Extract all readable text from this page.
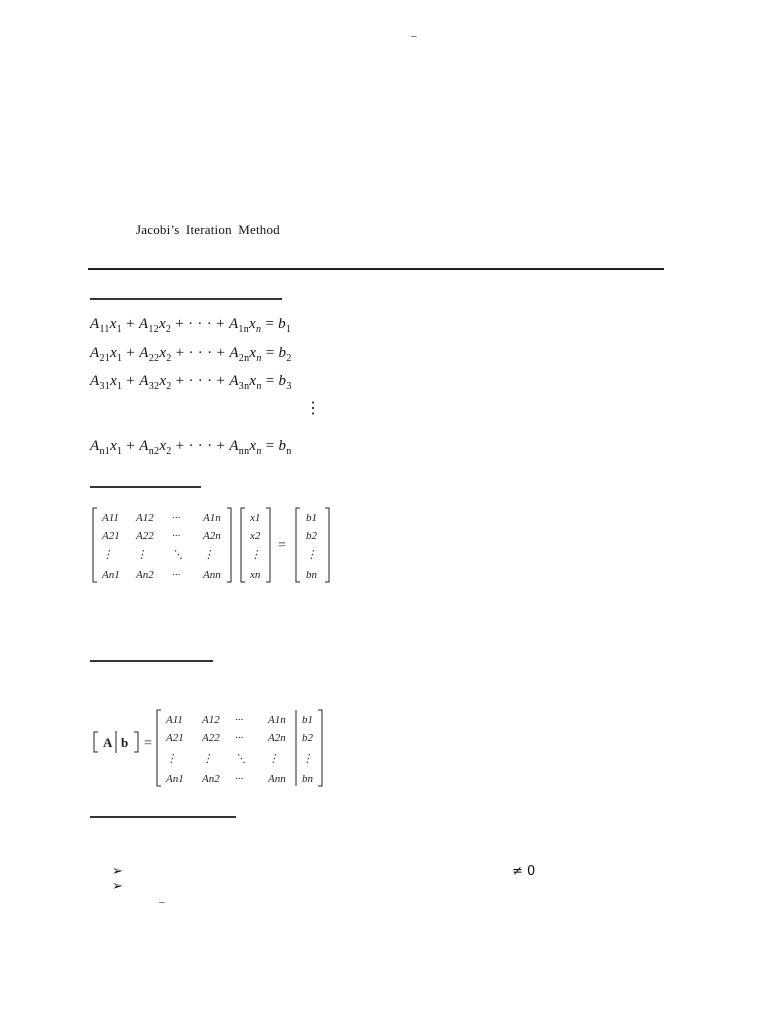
–
Jacobi’s Iteration Method
$A_{11}x_1 + A_{12}x_2$ + · · · + $A_{1n}x_n = b_1$
$A_{21}x_1 + A_{22}x_2$ + · · · + $A_{2n}x_n = b_2$
$A_{31}x_1 + A_{32}x_2$ + · · · + $A_{3n}x_n = b_3$
⋮
$A_{n1}x_1 + A_{n2}x_2$ + · · · + $A_{nn}x_n = b_n$
A11 A12 ··· A1n
A21 A22 ··· A2n
⋮ ⋮ ⋱ ⋮
An1 An2 ··· Ann
x1
x2
⋮
xn
b1
b2
⋮
bn
=
A b =
A11 A12 ··· A1n b1
A21 A22 ··· A2n b2
⋮ ⋮ ⋱ ⋮ ⋮
An1 An2 ··· Ann bn
➢
➢
≠ 0
–
